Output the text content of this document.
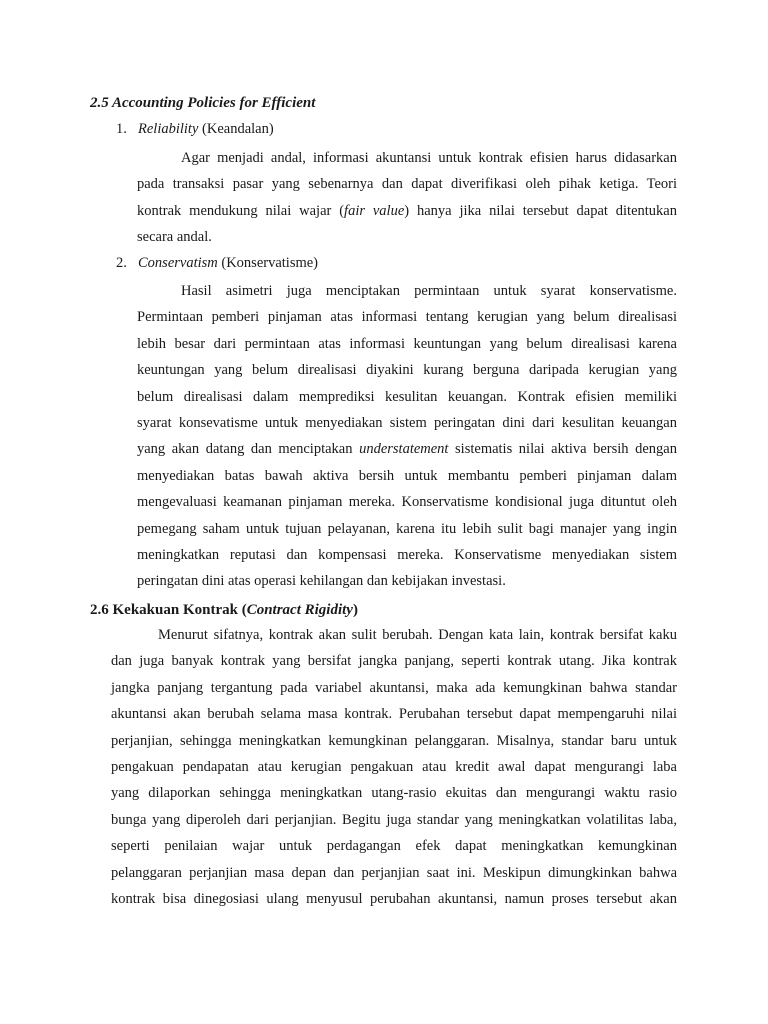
2.5 Accounting Policies for Efficient
1. Reliability (Keandalan)
Agar menjadi andal, informasi akuntansi untuk kontrak efisien harus didasarkan
pada transaksi pasar yang sebenarnya dan dapat diverifikasi oleh pihak ketiga. Teori
kontrak mendukung nilai wajar (fair value) hanya jika nilai tersebut dapat ditentukan
secara andal.
2. Conservatism (Konservatisme)
Hasil asimetri juga menciptakan permintaan untuk syarat konservatisme.
Permintaan pemberi pinjaman atas informasi tentang kerugian yang belum direalisasi
lebih besar dari permintaan atas informasi keuntungan yang belum direalisasi karena
keuntungan yang belum direalisasi diyakini kurang berguna daripada kerugian yang
belum direalisasi dalam memprediksi kesulitan keuangan. Kontrak efisien memiliki
syarat konsevatisme untuk menyediakan sistem peringatan dini dari kesulitan keuangan
yang akan datang dan menciptakan understatement sistematis nilai aktiva bersih dengan
menyediakan batas bawah aktiva bersih untuk membantu pemberi pinjaman dalam
mengevaluasi keamanan pinjaman mereka. Konservatisme kondisional juga dituntut oleh
pemegang saham untuk tujuan pelayanan, karena itu lebih sulit bagi manajer yang ingin
meningkatkan reputasi dan kompensasi mereka. Konservatisme menyediakan sistem
peringatan dini atas operasi kehilangan dan kebijakan investasi.
2.6 Kekakuan Kontrak (Contract Rigidity)
Menurut sifatnya, kontrak akan sulit berubah. Dengan kata lain, kontrak bersifat kaku
dan juga banyak kontrak yang bersifat jangka panjang, seperti kontrak utang. Jika kontrak
jangka panjang tergantung pada variabel akuntansi, maka ada kemungkinan bahwa standar
akuntansi akan berubah selama masa kontrak. Perubahan tersebut dapat mempengaruhi nilai
perjanjian, sehingga meningkatkan kemungkinan pelanggaran. Misalnya, standar baru untuk
pengakuan pendapatan atau kerugian pengakuan atau kredit awal dapat mengurangi laba
yang dilaporkan sehingga meningkatkan utang-rasio ekuitas dan mengurangi waktu rasio
bunga yang diperoleh dari perjanjian. Begitu juga standar yang meningkatkan volatilitas laba,
seperti penilaian wajar untuk perdagangan efek dapat meningkatkan kemungkinan
pelanggaran perjanjian masa depan dan perjanjian saat ini. Meskipun dimungkinkan bahwa
kontrak bisa dinegosiasi ulang menyusul perubahan akuntansi, namun proses tersebut akan
